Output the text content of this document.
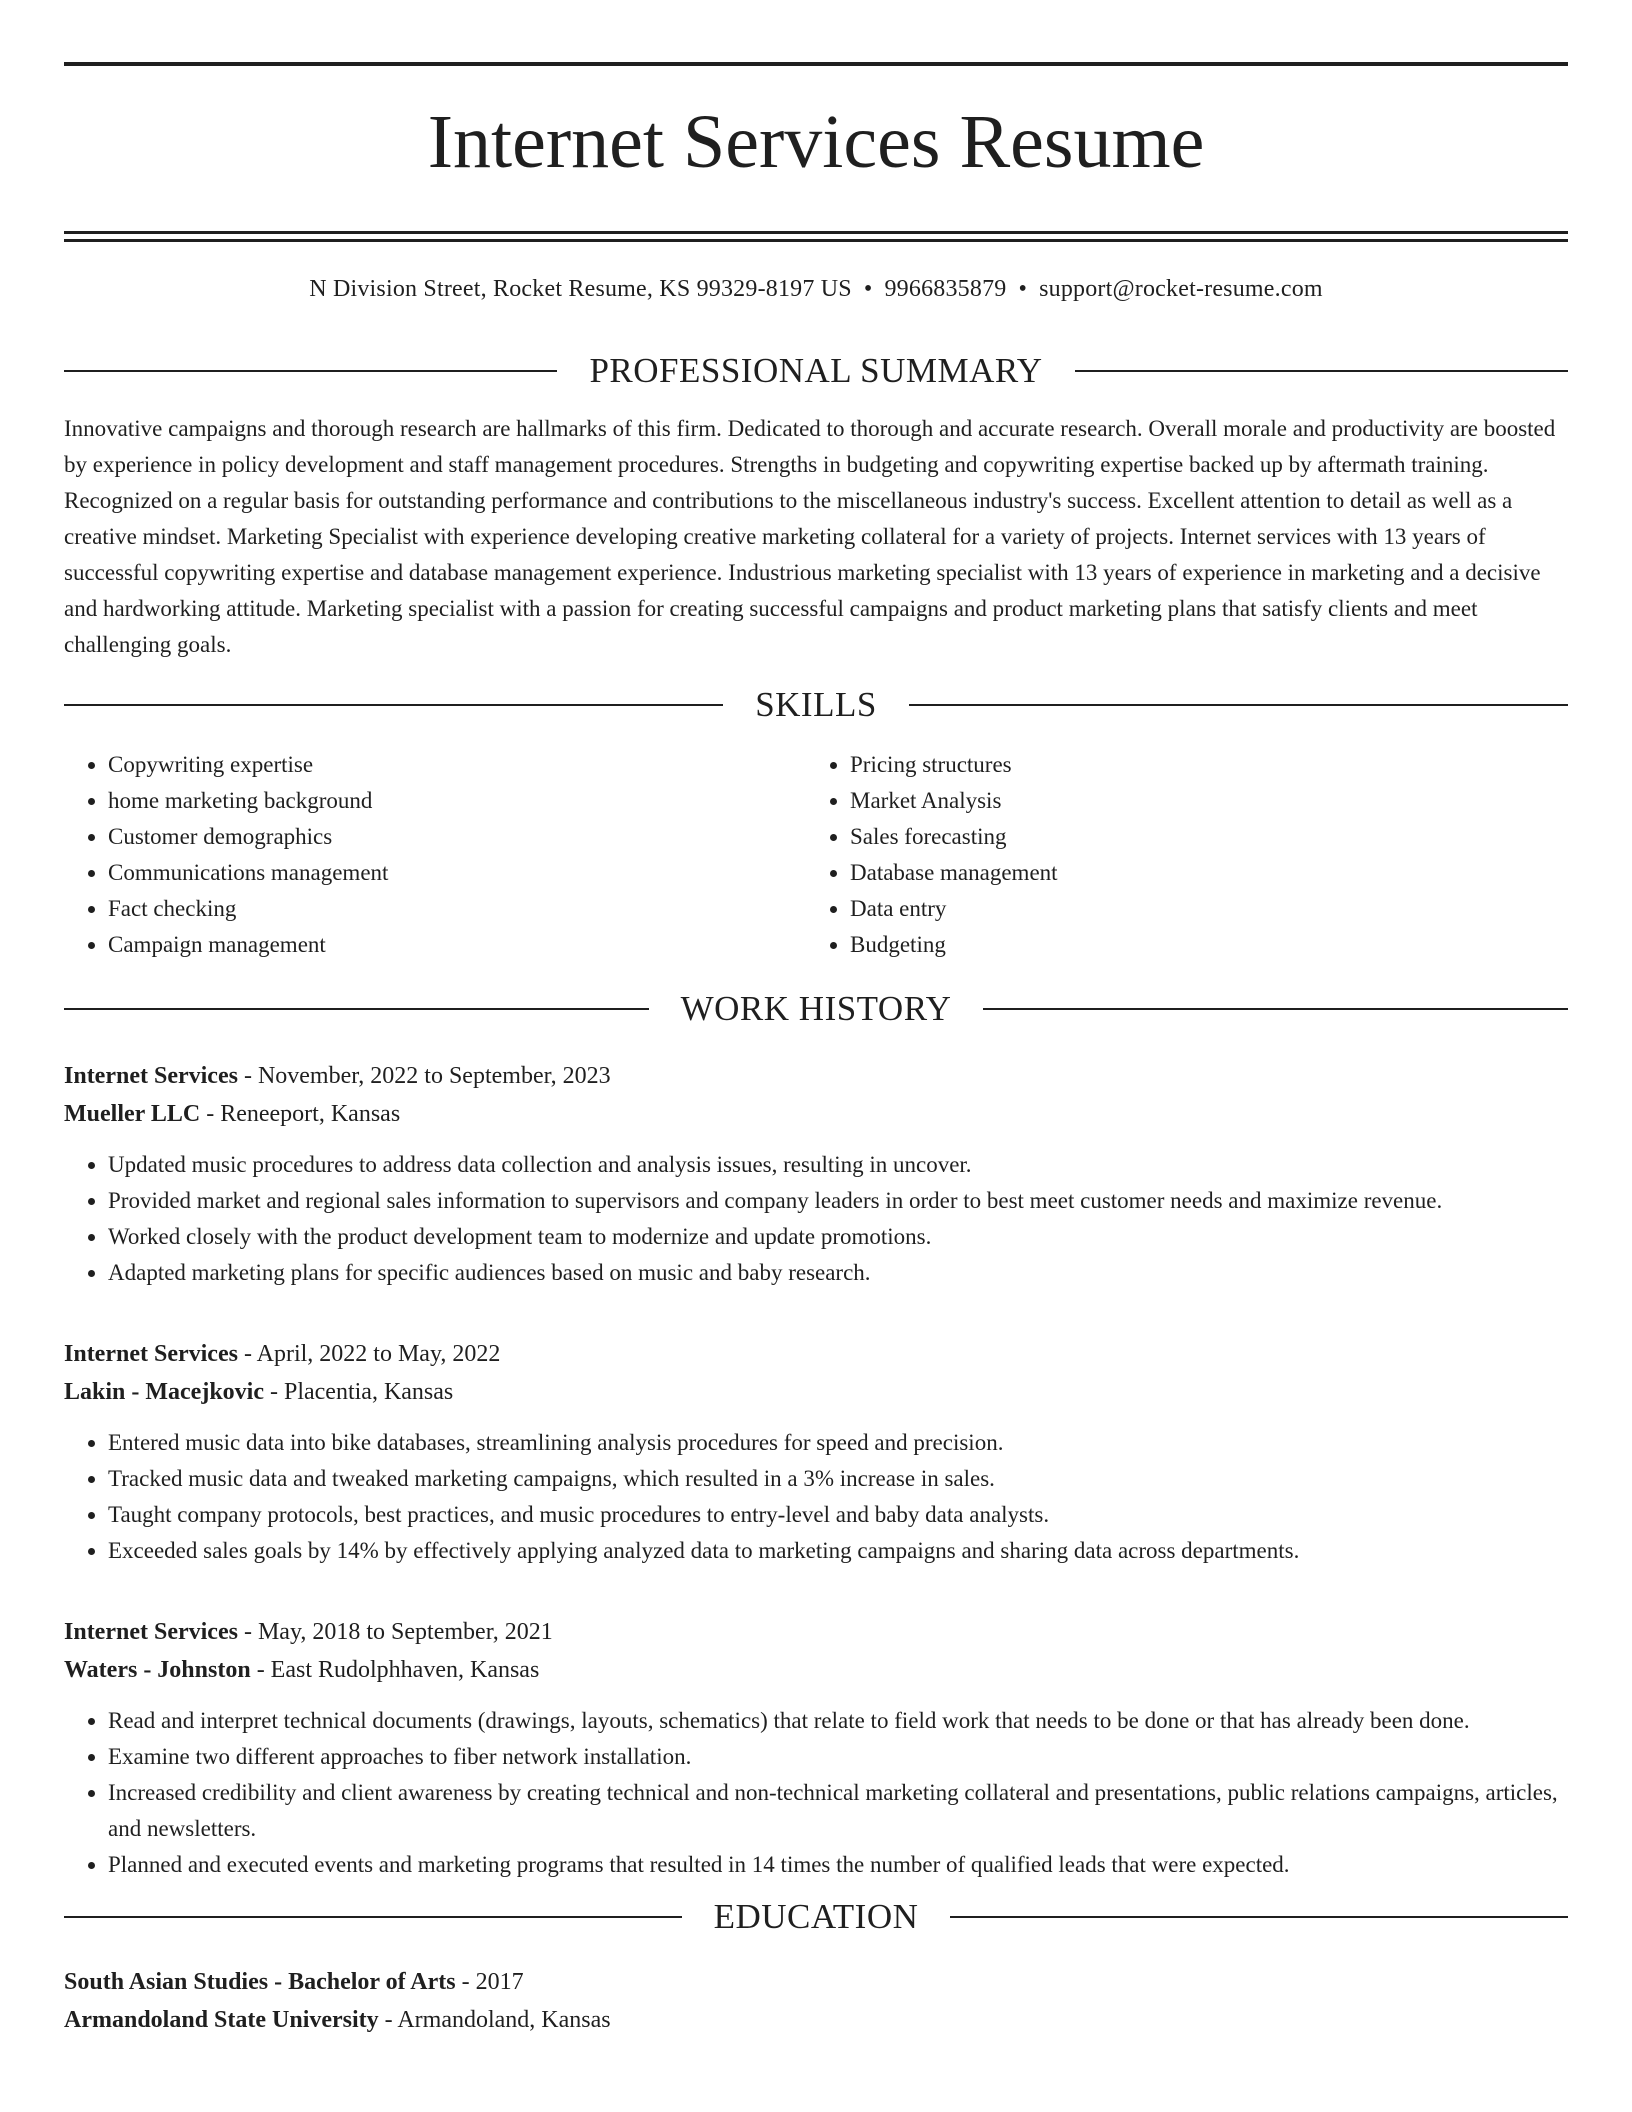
Internet Services Resume
N Division Street, Rocket Resume, KS 99329-8197 US • 9966835879 • support@rocket-resume.com
PROFESSIONAL SUMMARY
Innovative campaigns and thorough research are hallmarks of this firm. Dedicated to thorough and accurate research. Overall morale and productivity are boosted by experience in policy development and staff management procedures. Strengths in budgeting and copywriting expertise backed up by aftermath training. Recognized on a regular basis for outstanding performance and contributions to the miscellaneous industry's success. Excellent attention to detail as well as a creative mindset. Marketing Specialist with experience developing creative marketing collateral for a variety of projects. Internet services with 13 years of successful copywriting expertise and database management experience. Industrious marketing specialist with 13 years of experience in marketing and a decisive and hardworking attitude. Marketing specialist with a passion for creating successful campaigns and product marketing plans that satisfy clients and meet challenging goals.
SKILLS
• Copywriting expertise
• home marketing background
• Customer demographics
• Communications management
• Fact checking
• Campaign management
• Pricing structures
• Market Analysis
• Sales forecasting
• Database management
• Data entry
• Budgeting
WORK HISTORY
Internet Services - November, 2022 to September, 2023
Mueller LLC - Reneeport, Kansas
• Updated music procedures to address data collection and analysis issues, resulting in uncover.
• Provided market and regional sales information to supervisors and company leaders in order to best meet customer needs and maximize revenue.
• Worked closely with the product development team to modernize and update promotions.
• Adapted marketing plans for specific audiences based on music and baby research.
Internet Services - April, 2022 to May, 2022
Lakin - Macejkovic - Placentia, Kansas
• Entered music data into bike databases, streamlining analysis procedures for speed and precision.
• Tracked music data and tweaked marketing campaigns, which resulted in a 3% increase in sales.
• Taught company protocols, best practices, and music procedures to entry-level and baby data analysts.
• Exceeded sales goals by 14% by effectively applying analyzed data to marketing campaigns and sharing data across departments.
Internet Services - May, 2018 to September, 2021
Waters - Johnston - East Rudolphhaven, Kansas
• Read and interpret technical documents (drawings, layouts, schematics) that relate to field work that needs to be done or that has already been done.
• Examine two different approaches to fiber network installation.
• Increased credibility and client awareness by creating technical and non-technical marketing collateral and presentations, public relations campaigns, articles, and newsletters.
• Planned and executed events and marketing programs that resulted in 14 times the number of qualified leads that were expected.
EDUCATION
South Asian Studies - Bachelor of Arts - 2017
Armandoland State University - Armandoland, Kansas
